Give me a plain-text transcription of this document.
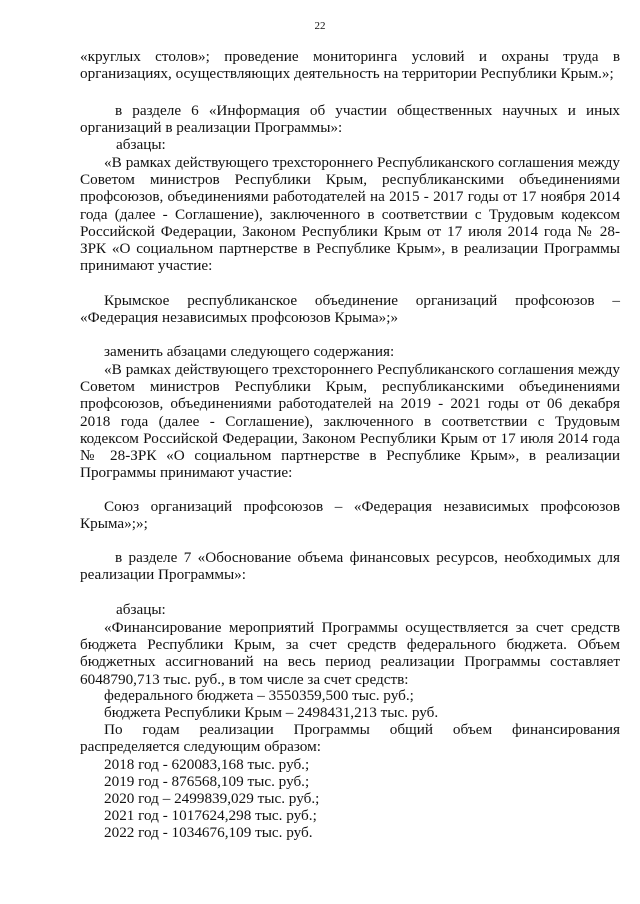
22
«круглых столов»; проведение мониторинга условий и охраны труда в организациях, осуществляющих деятельность на территории Республики Крым.»;
в разделе 6 «Информация об участии общественных научных и иных организаций в реализации Программы»:
абзацы:
«В рамках действующего трехстороннего Республиканского соглашения между Советом министров Республики Крым, республиканскими объединениями профсоюзов, объединениями работодателей на 2015 - 2017 годы от 17 ноября 2014 года (далее - Соглашение), заключенного в соответствии с Трудовым кодексом Российской Федерации, Законом Республики Крым от 17 июля 2014 года № 28-ЗРК «О социальном партнерстве в Республике Крым», в реализации Программы принимают участие:
Крымское республиканское объединение организаций профсоюзов – «Федерация независимых профсоюзов Крыма»;»
заменить абзацами следующего содержания:
«В рамках действующего трехстороннего Республиканского соглашения между Советом министров Республики Крым, республиканскими объединениями профсоюзов, объединениями работодателей на 2019 - 2021 годы от 06 декабря 2018 года (далее - Соглашение), заключенного в соответствии с Трудовым кодексом Российской Федерации, Законом Республики Крым от 17 июля 2014 года № 28-ЗРК «О социальном партнерстве в Республике Крым», в реализации Программы принимают участие:
Союз организаций профсоюзов – «Федерация независимых профсоюзов Крыма»;»;
в разделе 7 «Обоснование объема финансовых ресурсов, необходимых для реализации Программы»:
абзацы:
«Финансирование мероприятий Программы осуществляется за счет средств бюджета Республики Крым, за счет средств федерального бюджета. Объем бюджетных ассигнований на весь период реализации Программы составляет 6048790,713 тыс. руб., в том числе за счет средств:
федерального бюджета – 3550359,500 тыс. руб.;
бюджета Республики Крым – 2498431,213 тыс. руб.
По годам реализации Программы общий объем финансирования распределяется следующим образом:
2018 год - 620083,168 тыс. руб.;
2019 год - 876568,109 тыс. руб.;
2020 год – 2499839,029 тыс. руб.;
2021 год - 1017624,298 тыс. руб.;
2022 год - 1034676,109 тыс. руб.
